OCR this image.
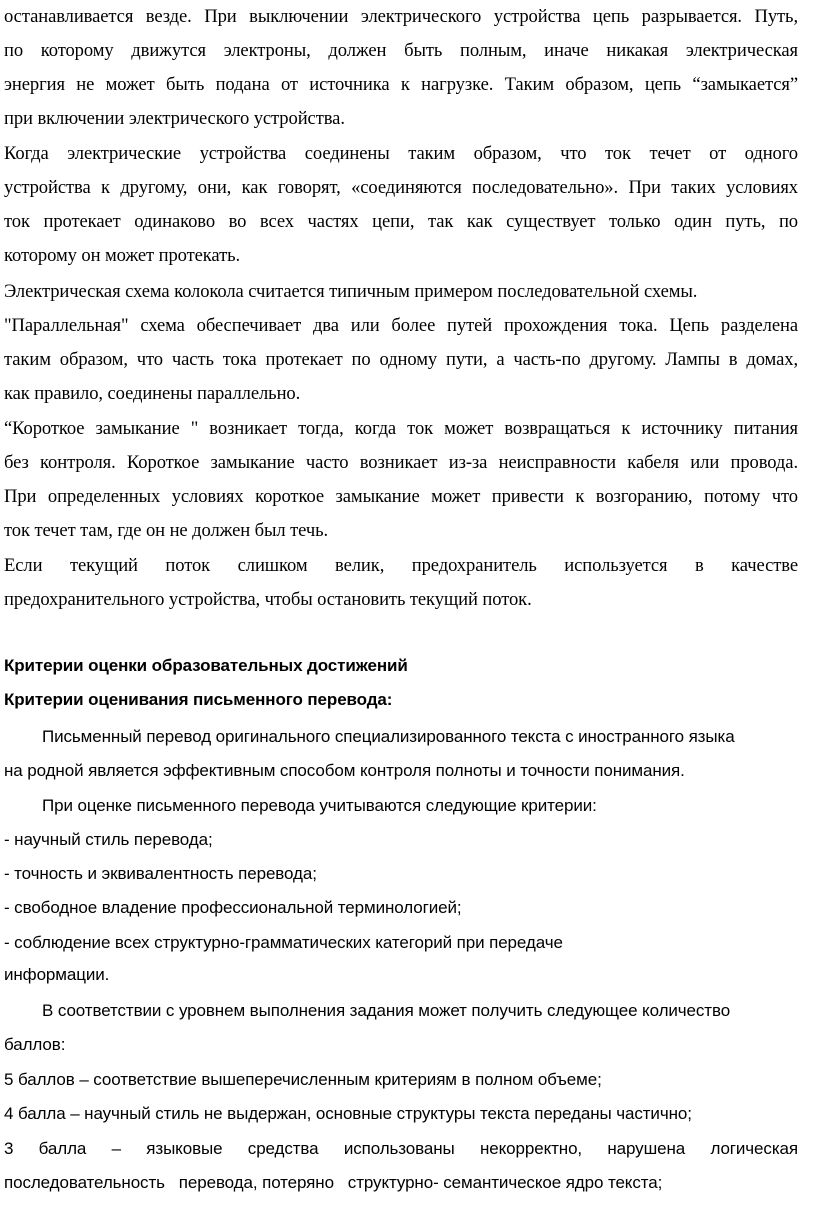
останавливается везде. При выключении электрического устройства цепь разрывается. Путь,
по которому движутся электроны, должен быть полным, иначе никакая электрическая
энергия не может быть подана от источника к нагрузке. Таким образом, цепь “замыкается”
при включении электрического устройства.
Когда электрические устройства соединены таким образом, что ток течет от одного
устройства к другому, они, как говорят, «соединяются последовательно». При таких условиях
ток протекает одинаково во всех частях цепи, так как существует только один путь, по
которому он может протекать.
Электрическая схема колокола считается типичным примером последовательной схемы.
"Параллельная" схема обеспечивает два или более путей прохождения тока. Цепь разделена
таким образом, что часть тока протекает по одному пути, а часть-по другому. Лампы в домах,
как правило, соединены параллельно.
“Короткое замыкание " возникает тогда, когда ток может возвращаться к источнику питания
без контроля. Короткое замыкание часто возникает из-за неисправности кабеля или провода.
При определенных условиях короткое замыкание может привести к возгоранию, потому что
ток течет там, где он не должен был течь.
Если текущий поток слишком велик, предохранитель используется в качестве
предохранительного устройства, чтобы остановить текущий поток.
Критерии оценки образовательных достижений
Критерии оценивания письменного перевода:
Письменный перевод оригинального специализированного текста с иностранного языка
на родной является эффективным способом контроля полноты и точности понимания.
При оценке письменного перевода учитываются следующие критерии:
- научный стиль перевода;
- точность и эквивалентность перевода;
- свободное владение профессиональной терминологией;
- соблюдение всех структурно-грамматических категорий при передаче
информации.
В соответствии с уровнем выполнения задания может получить следующее количество
баллов:
5 баллов – соответствие вышеперечисленным критериям в полном объеме;
4 балла – научный стиль не выдержан, основные структуры текста переданы частично;
3 балла – языковые средства использованы некорректно, нарушена логическая
последовательность   перевода, потеряно   структурно- семантическое ядро текста;
